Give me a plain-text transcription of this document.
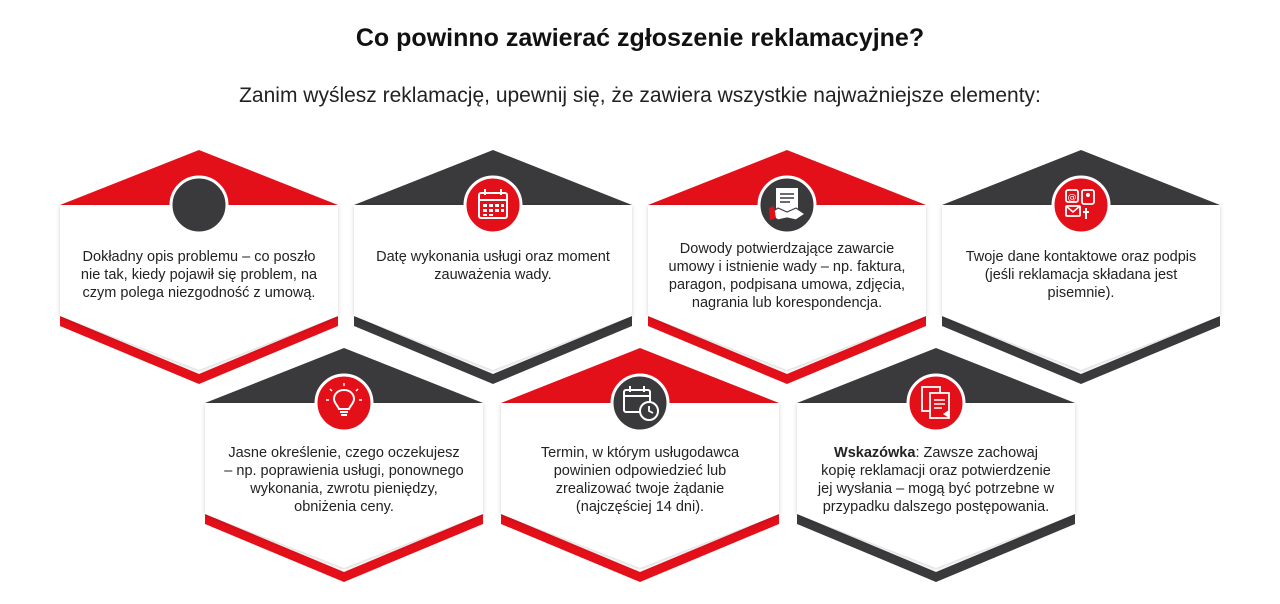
Co powinno zawierać zgłoszenie reklamacyjne?
Zanim wyślesz reklamację, upewnij się, że zawiera wszystkie najważniejsze elementy:
Dokładny opis problemu – co poszło nie tak, kiedy pojawił się problem, na czym polega niezgodność z umową.
Datę wykonania usługi oraz moment zauważenia wady.
Dowody potwierdzające zawarcie umowy i istnienie wady – np. faktura, paragon, podpisana umowa, zdjęcia, nagrania lub korespondencja.
@
Twoje dane kontaktowe oraz podpis (jeśli reklamacja składana jest pisemnie).
Jasne określenie, czego oczekujesz – np. poprawienia usługi, ponownego wykonania, zwrotu pieniędzy, obniżenia ceny.
Termin, w którym usługodawca powinien odpowiedzieć lub zrealizować twoje żądanie (najczęściej 14 dni).
Wskazówka: Zawsze zachowaj kopię reklamacji oraz potwierdzenie jej wysłania – mogą być potrzebne w przypadku dalszego postępowania.
